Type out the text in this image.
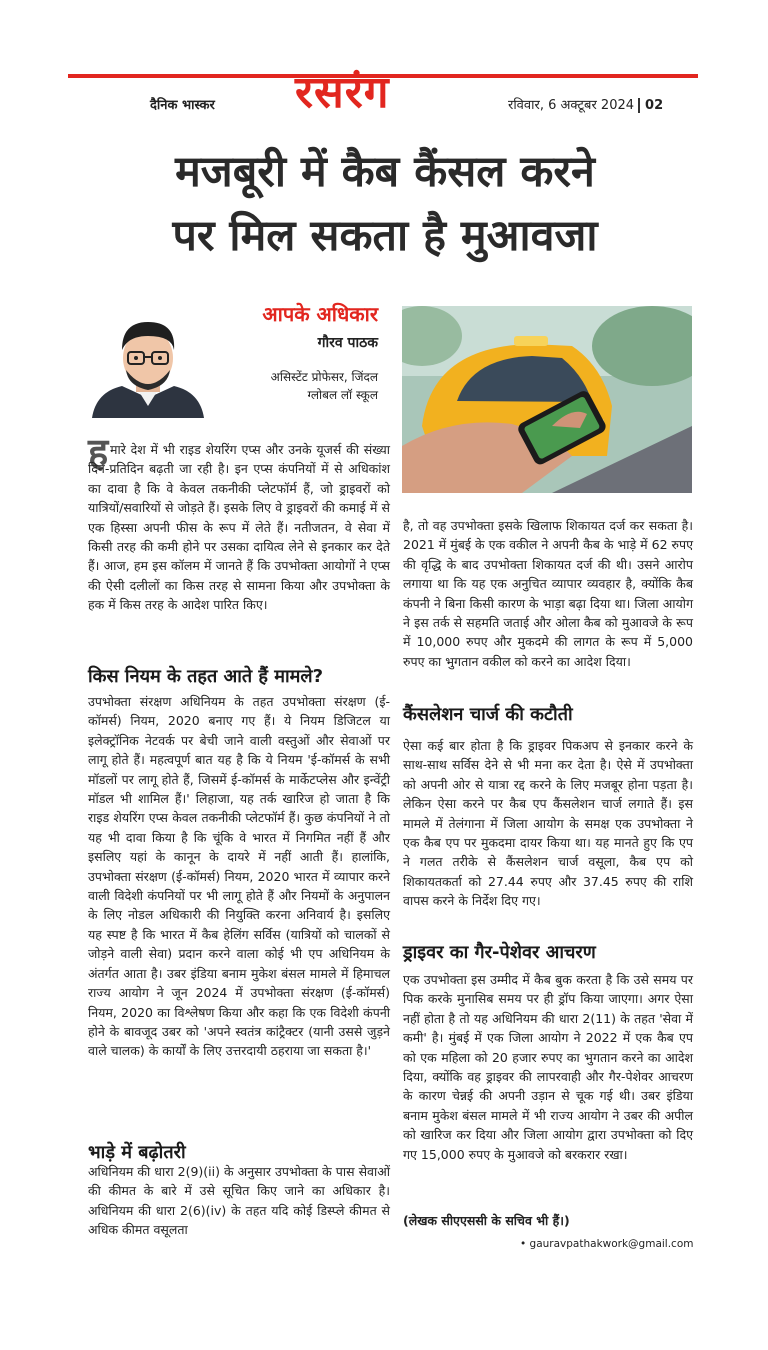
दैनिक भास्कर रसरंग	रविवार, 6 अक्टूबर 2024 02
मजबूरी में कैब कैंसल करने
पर मिल सकता है मुआवजा
आपके अधिकार
गौरव पाठक
असिस्टेंट प्रोफेसर, जिंदल
ग्लोबल लॉ स्कूल
ह मारे देश में भी राइड शेयरिंग एप्स और उनके यूजर्स की संख्या दिन-प्रतिदिन बढ़ती जा रही है। इन एप्स कंपनियों में से अधिकांश का दावा है कि वे केवल तकनीकी प्लेटफॉर्म हैं, जो ड्राइवरों को यात्रियों/सवारियों से जोड़ते हैं। इसके लिए वे ड्राइवरों की कमाई में से एक हिस्सा अपनी फीस के रूप में लेते हैं। नतीजतन, वे सेवा में किसी तरह की कमी होने पर उसका दायित्व लेने से इनकार कर देते हैं। आज, हम इस कॉलम में जानते हैं कि उपभोक्ता आयोगों ने एप्स की ऐसी दलीलों का किस तरह से सामना किया और उपभोक्ता के हक में किस तरह के आदेश पारित किए।

किस नियम के तहत आते हैं मामले?

उपभोक्ता संरक्षण अधिनियम के तहत उपभोक्ता संरक्षण (ई-कॉमर्स) नियम, 2020 बनाए गए हैं। ये नियम डिजिटल या इलेक्ट्रॉनिक नेटवर्क पर बेची जाने वाली वस्तुओं और सेवाओं पर लागू होते हैं। महत्वपूर्ण बात यह है कि ये नियम 'ई-कॉमर्स के सभी मॉडलों पर लागू होते हैं, जिसमें ई-कॉमर्स के मार्केटप्लेस और इन्वेंट्री मॉडल भी शामिल हैं।' लिहाजा, यह तर्क खारिज हो जाता है कि राइड शेयरिंग एप्स केवल तकनीकी प्लेटफॉर्म हैं। कुछ कंपनियों ने तो यह भी दावा किया है कि चूंकि वे भारत में निगमित नहीं हैं और इसलिए यहां के कानून के दायरे में नहीं आती हैं। हालांकि, उपभोक्ता संरक्षण (ई-कॉमर्स) नियम, 2020 भारत में व्यापार करने वाली विदेशी कंपनियों पर भी लागू होते हैं और नियमों के अनुपालन के लिए नोडल अधिकारी की नियुक्ति करना अनिवार्य है। इसलिए यह स्पष्ट है कि भारत में कैब हेलिंग सर्विस (यात्रियों को चालकों से जोड़ने वाली सेवा) प्रदान करने वाला कोई भी एप अधिनियम के अंतर्गत आता है। उबर इंडिया बनाम मुकेश बंसल मामले में हिमाचल राज्य आयोग ने जून 2024 में उपभोक्ता संरक्षण (ई-कॉमर्स) नियम, 2020 का विश्लेषण किया और कहा कि एक विदेशी कंपनी होने के बावजूद उबर को 'अपने स्वतंत्र कांट्रैक्टर (यानी उससे जुड़ने वाले चालक) के कार्यों के लिए उत्तरदायी ठहराया जा सकता है।'

भाड़े में बढ़ोतरी

अधिनियम की धारा 2(9)(ii) के अनुसार उपभोक्ता के पास सेवाओं की कीमत के बारे में उसे सूचित किए जाने का अधिकार है। अधिनियम की धारा 2(6)(iv) के तहत यदि कोई डिस्प्ले कीमत से अधिक कीमत वसूलता

है, तो वह उपभोक्ता इसके खिलाफ शिकायत दर्ज कर सकता है। 2021 में मुंबई के एक वकील ने अपनी कैब के भाड़े में 62 रुपए की वृद्धि के बाद उपभोक्ता शिकायत दर्ज की थी। उसने आरोप लगाया था कि यह एक अनुचित व्यापार व्यवहार है, क्योंकि कैब कंपनी ने बिना किसी कारण के भाड़ा बढ़ा दिया था। जिला आयोग ने इस तर्क से सहमति जताई और ओला कैब को मुआवजे के रूप में 10,000 रुपए और मुकदमे की लागत के रूप में 5,000 रुपए का भुगतान वकील को करने का आदेश दिया।

कैंसलेशन चार्ज की कटौती

ऐसा कई बार होता है कि ड्राइवर पिकअप से इनकार करने के साथ-साथ सर्विस देने से भी मना कर देता है। ऐसे में उपभोक्ता को अपनी ओर से यात्रा रद्द करने के लिए मजबूर होना पड़ता है। लेकिन ऐसा करने पर कैब एप कैंसलेशन चार्ज लगाते हैं। इस मामले में तेलंगाना में जिला आयोग के समक्ष एक उपभोक्ता ने एक कैब एप पर मुकदमा दायर किया था। यह मानते हुए कि एप ने गलत तरीके से कैंसलेशन चार्ज वसूला, कैब एप को शिकायतकर्ता को 27.44 रुपए और 37.45 रुपए की राशि वापस करने के निर्देश दिए गए।

ड्राइवर का गैर-पेशेवर आचरण

एक उपभोक्ता इस उम्मीद में कैब बुक करता है कि उसे समय पर पिक करके मुनासिब समय पर ही ड्रॉप किया जाएगा। अगर ऐसा नहीं होता है तो यह अधिनियम की धारा 2(11) के तहत 'सेवा में कमी' है। मुंबई में एक जिला आयोग ने 2022 में एक कैब एप को एक महिला को 20 हजार रुपए का भुगतान करने का आदेश दिया, क्योंकि वह ड्राइवर की लापरवाही और गैर-पेशेवर आचरण के कारण चेन्नई की अपनी उड़ान से चूक गई थी। उबर इंडिया बनाम मुकेश बंसल मामले में भी राज्य आयोग ने उबर की अपील को खारिज कर दिया और जिला आयोग द्वारा उपभोक्ता को दिए गए 15,000 रुपए के मुआवजे को बरकरार रखा।

(लेखक सीएएससी के सचिव भी हैं।)
• gauravpathakwork@gmail.com
